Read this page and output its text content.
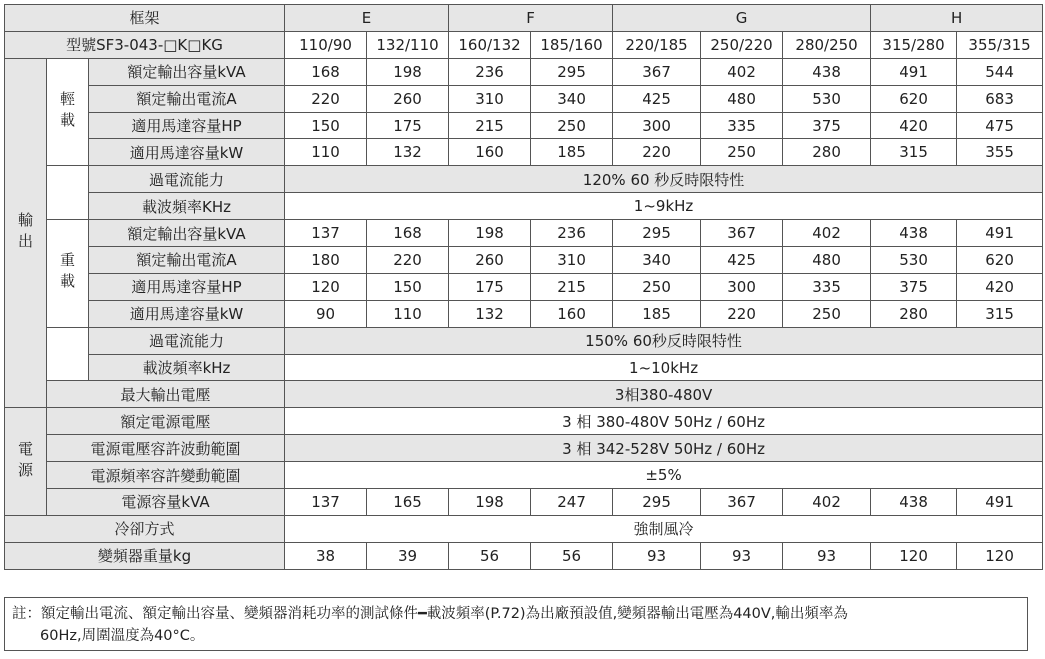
框架			E		F		G			H	
型號SF3-043-□K□KG			110/90	132/110	160/132	185/160	220/185	250/220	280/250	315/280	355/315
輸出	輕載	額定輸出容量kVA	168	198	236	295	367	402	438	491	544
		額定輸出電流A	220	260	310	340	425	480	530	620	683
		適用馬達容量HP	150	175	215	250	300	335	375	420	475
		適用馬達容量kW	110	132	160	185	220	250	280	315	355
		過電流能力	120% 60 秒反時限特性								
		載波頻率KHz	1~9kHz								
	重載	額定輸出容量kVA	137	168	198	236	295	367	402	438	491
		額定輸出電流A	180	220	260	310	340	425	480	530	620
		適用馬達容量HP	120	150	175	215	250	300	335	375	420
		適用馬達容量kW	90	110	132	160	185	220	250	280	315
		過電流能力	150% 60秒反時限特性								
		載波頻率kHz	1~10kHz								
	最大輸出電壓		3相380-480V								
電源	額定電源電壓		3 相 380-480V 50Hz / 60Hz								
	電源電壓容許波動範圍		3 相 342-528V 50Hz / 60Hz								
	電源頻率容許變動範圍		±5%								
	電源容量kVA		137	165	198	247	295	367	402	438	491
冷卻方式			強制風冷								
變頻器重量kg			38	39	56	56	93	93	93	120	120
註：額定輸出電流、額定輸出容量、變頻器消耗功率的測試條件━載波頻率(P.72)為出廠預設值,變頻器輸出電壓為440V,輸出頻率為
60Hz,周圍溫度為40°C。
